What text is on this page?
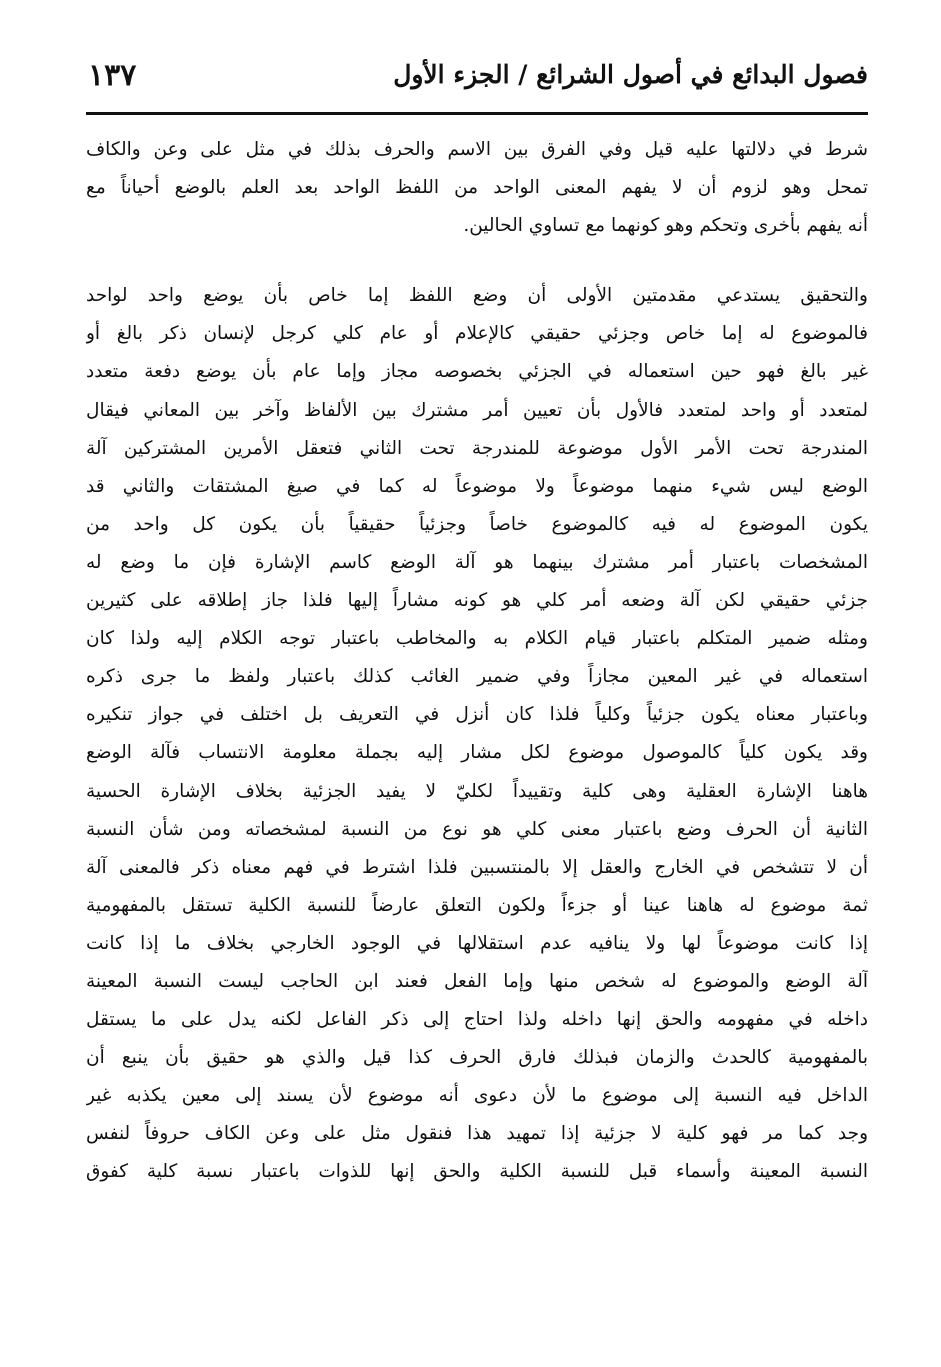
فصول البدائع في أصول الشرائع / الجزء الأول
١٣٧
شرط في دلالتها عليه قيل وفي الفرق بين الاسم والحرف بذلك في مثل على وعن والكاف
تمحل وهو لزوم أن لا يفهم المعنى الواحد من اللفظ الواحد بعد العلم بالوضع أحياناً مع
أنه يفهم بأخرى وتحكم وهو كونهما مع تساوي الحالين.
والتحقيق يستدعي مقدمتين الأولى أن وضع اللفظ إما خاص بأن يوضع واحد لواحد
فالموضوع له إما خاص وجزئي حقيقي كالإعلام أو عام كلي كرجل لإنسان ذكر بالغ أو
غير بالغ فهو حين استعماله في الجزئي بخصوصه مجاز وإما عام بأن يوضع دفعة متعدد
لمتعدد أو واحد لمتعدد فالأول بأن تعيين أمر مشترك بين الألفاظ وآخر بين المعاني فيقال
المندرجة تحت الأمر الأول موضوعة للمندرجة تحت الثاني فتعقل الأمرين المشتركين آلة
الوضع ليس شيء منهما موضوعاً ولا موضوعاً له كما في صيغ المشتقات والثاني قد
يكون الموضوع له فيه كالموضوع خاصاً وجزئياً حقيقياً بأن يكون كل واحد من
المشخصات باعتبار أمر مشترك بينهما هو آلة الوضع كاسم الإشارة فإن ما وضع له
جزئي حقيقي لكن آلة وضعه أمر كلي هو كونه مشاراً إليها فلذا جاز إطلاقه على كثيرين
ومثله ضمير المتكلم باعتبار قيام الكلام به والمخاطب باعتبار توجه الكلام إليه ولذا كان
استعماله في غير المعين مجازاً وفي ضمير الغائب كذلك باعتبار ولفظ ما جرى ذكره
وباعتبار معناه يكون جزئياً وكلياً فلذا كان أنزل في التعريف بل اختلف في جواز تنكيره
وقد يكون كلياً كالموصول موضوع لكل مشار إليه بجملة معلومة الانتساب فآلة الوضع
هاهنا الإشارة العقلية وهى كلية وتقييداً لكليّ لا يفيد الجزئية بخلاف الإشارة الحسية
الثانية أن الحرف وضع باعتبار معنى كلي هو نوع من النسبة لمشخصاته ومن شأن النسبة
أن لا تتشخص في الخارج والعقل إلا بالمنتسبين فلذا اشترط في فهم معناه ذكر فالمعنى آلة
ثمة موضوع له هاهنا عينا أو جزءاً ولكون التعلق عارضاً للنسبة الكلية تستقل بالمفهومية
إذا كانت موضوعاً لها ولا ينافيه عدم استقلالها في الوجود الخارجي بخلاف ما إذا كانت
آلة الوضع والموضوع له شخص منها وإما الفعل فعند ابن الحاجب ليست النسبة المعينة
داخله في مفهومه والحق إنها داخله ولذا احتاج إلى ذكر الفاعل لكنه يدل على ما يستقل
بالمفهومية كالحدث والزمان فبذلك فارق الحرف كذا قيل والذي هو حقيق بأن ينبع أن
الداخل فيه النسبة إلى موضوع ما لأن دعوى أنه موضوع لأن يسند إلى معين يكذبه غير
وجد كما مر فهو كلية لا جزئية إذا تمهيد هذا فنقول مثل على وعن الكاف حروفاً لنفس
النسبة المعينة وأسماء قبل للنسبة الكلية والحق إنها للذوات باعتبار نسبة كلية كفوق
